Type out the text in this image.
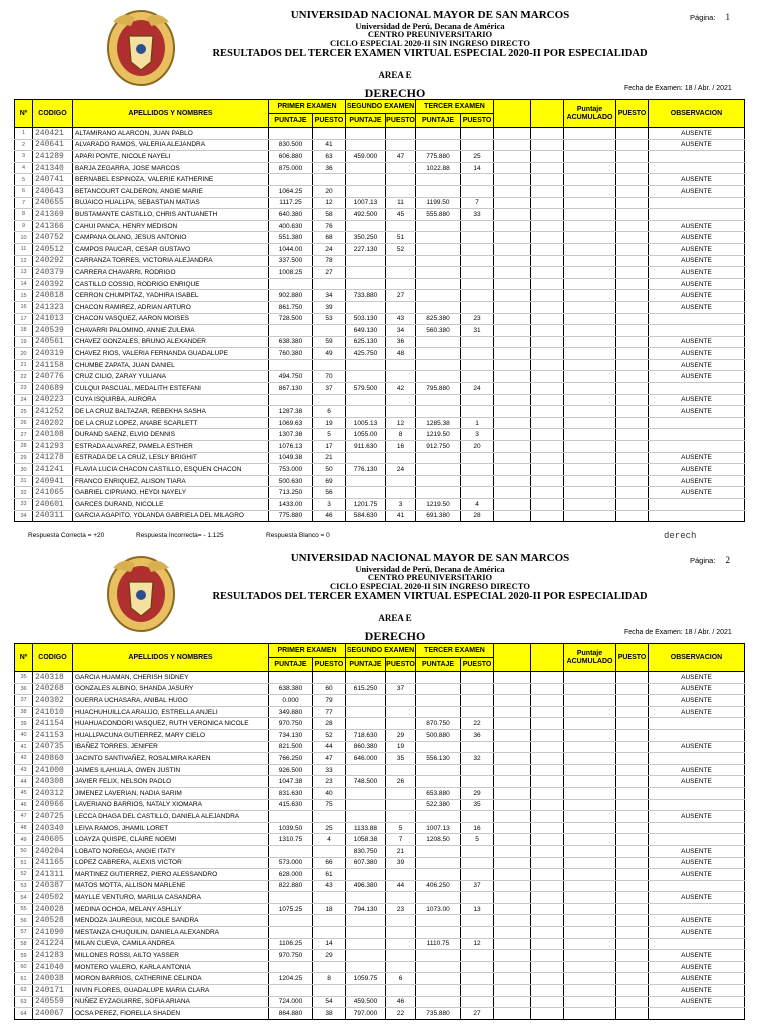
UNIVERSIDAD NACIONAL MAYOR DE SAN MARCOS
Universidad de Perú, Decana de América
CENTRO PREUNIVERSITARIO
CICLO ESPECIAL 2020-II SIN INGRESO DIRECTO
RESULTADOS DEL TERCER EXAMEN VIRTUAL ESPECIAL 2020-II POR ESPECIALIDAD
AREA E
DERECHO
Página: 1
Fecha de Examen: 18 / Abr. / 2021
Nº	CODIGO	APELLIDOS Y NOMBRES	PRIMER EXAMEN		SEGUNDO EXAMEN		TERCER EXAMEN				Puntaje ACUMULADO	PUESTO	OBSERVACION
			PUNTAJE	PUESTO	PUNTAJE	PUESTO	PUNTAJE	PUESTO					
1	240421	ALTAMIRANO ALARCON, JUAN PABLO											AUSENTE
2	240641	ALVARADO RAMOS, VALERIA ALEJANDRA	830.500	41									AUSENTE
3	241289	APARI PONTE, NICOLE NAYELI	606.880	63	459.000	47	775.880	25					
4	241340	BARJA ZEGARRA, JOSE MARCOS	875.000	36			1022.88	14					
5	240741	BERNABEL ESPINOZA, VALERIE KATHERINE											AUSENTE
6	240643	BETANCOURT CALDERON, ANGIE MARIE	1064.25	20									AUSENTE
7	240655	BUJAICO HUALLPA, SEBASTIAN MATIAS	1117.25	12	1007.13	11	1199.50	7					
8	241369	BUSTAMANTE CASTILLO, CHRIS ANTUANETH	640.380	58	492.500	45	555.880	33					
9	241366	CAHUI PANCA, HENRY MEDISON	400.630	76									AUSENTE
10	240752	CAMPANA OLANO, JESUS ANTONIO	551.380	68	350.250	51							AUSENTE
11	240512	CAMPOS PAUCAR, CESAR GUSTAVO	1044.00	24	227.130	52							AUSENTE
12	240292	CARRANZA TORRES, VICTORIA ALEJANDRA	337.500	78									AUSENTE
13	240379	CARRERA CHAVARRI, RODRIGO	1008.25	27									AUSENTE
14	240392	CASTILLO COSSIO, RODRIGO ENRIQUE											AUSENTE
15	240818	CERRON CHUMPITAZ, YADHIRA ISABEL	902.880	34	733.880	27							AUSENTE
16	241323	CHACON RAMIREZ, ADRIAN ARTURO	861.750	39									AUSENTE
17	241013	CHACON VASQUEZ, AARON MOISES	728.500	53	503.130	43	825.380	23					
18	240539	CHAVARRI PALOMINO, ANNIE ZULEMA			649.130	34	560.380	31					
19	240561	CHAVEZ GONZALES, BRUNO ALEXANDER	638.380	59	625.130	36							AUSENTE
20	240319	CHAVEZ RIOS, VALERIA FERNANDA GUADALUPE	760.380	49	425.750	48							AUSENTE
21	241158	CHUMBE ZAPATA, JUAN DANIEL											AUSENTE
22	240776	CRUZ CILIO, ZARAY YULIANA	494.750	70									AUSENTE
23	240689	CULQUI PASCUAL, MEDALITH ESTEFANI	867.130	37	579.500	42	795.880	24					
24	240223	CUYA ISQUIRBA, AURORA											AUSENTE
25	241252	DE LA CRUZ BALTAZAR, REBEKHA SASHA	1287.38	6									AUSENTE
26	240202	DE LA CRUZ LOPEZ, ANABE SCARLETT	1069.63	19	1005.13	12	1285.38	1					
27	240108	DURAND SAENZ, ELVIO DENNIS	1307.38	5	1055.00	8	1219.50	3					
28	241293	ESTRADA ALVAREZ, PAMELA ESTHER	1076.13	17	911.630	16	912.750	20					
29	241278	ESTRADA DE LA CRUZ, LESLY BRIGHIT	1049.38	21									AUSENTE
30	241241	FLAVIA LUCIA CHACON CASTILLO, ESQUEN CHACON	753.000	50	776.130	24							AUSENTE
31	240941	FRANCO ENRIQUEZ, ALISON TIARA	500.630	69									AUSENTE
32	241065	GABRIEL CIPRIANO, HEYDI NAYELY	713.250	56									AUSENTE
33	240601	GARCES DURAND, NICOLLE	1433.00	3	1201.75	3	1219.50	4					
34	240311	GARCIA AGAPITO, YOLANDA GABRIELA DEL MILAGRO	775.880	46	584.630	41	691.380	28					
Respuesta Correcta = +20	Respuesta Incorrecta= - 1.125	Respuesta Blanco = 0	derech
UNIVERSIDAD NACIONAL MAYOR DE SAN MARCOS
Universidad de Perú, Decana de América
CENTRO PREUNIVERSITARIO
CICLO ESPECIAL 2020-II SIN INGRESO DIRECTO
RESULTADOS DEL TERCER EXAMEN VIRTUAL ESPECIAL 2020-II POR ESPECIALIDAD
AREA E
DERECHO
Página: 2
Fecha de Examen: 18 / Abr. / 2021
Nº	CODIGO	APELLIDOS Y NOMBRES	PRIMER EXAMEN		SEGUNDO EXAMEN		TERCER EXAMEN				Puntaje ACUMULADO	PUESTO	OBSERVACION
			PUNTAJE	PUESTO	PUNTAJE	PUESTO	PUNTAJE	PUESTO					
35	240318	GARCIA HUAMAN, CHERISH SIDNEY											AUSENTE
36	240268	GONZALES ALBINO, SHANDA JASURY	638.380	60	615.250	37							AUSENTE
37	240302	GUERRA UCHASARA, ANIBAL HUGO	0.000	79									AUSENTE
38	241010	HUACHUHUILLCA ARAUJO, ESTRELLA ANJELI	349.880	77									AUSENTE
39	241154	HUAHUACONDORI VASQUEZ, RUTH VERONICA NICOLE	970.750	28			870.750	22					
40	241153	HUALLPACUNA GUTIERREZ, MARY CIELO	734.130	52	718.630	29	500.880	36					
41	240735	IBAÑEZ TORRES, JENIFER	821.500	44	860.380	19							AUSENTE
42	240860	JACINTO SANTIVAÑEZ, ROSALMIRA KAREN	766.250	47	646.000	35	556.130	32					
43	241000	JAIMES ILAHUALA, OWEN JUSTIN	926.500	33									AUSENTE
44	240308	JAVIER FELIX, NELSON PAOLO	1047.38	23	748.500	26							AUSENTE
45	240312	JIMENEZ LAVERIAN, NADIA SARIM	831.630	40			653.880	29					
46	240966	LAVERIANO BARRIOS, NATALY XIOMARA	415.630	75			522.380	35					
47	240725	LECCA DHAGA DEL CASTILLO, DANIELA ALEJANDRA											AUSENTE
48	240340	LEIVA RAMOS, JHAMIL LORET	1039.50	25	1133.88	5	1007.13	16					
49	240605	LOAYZA QUISPE, CLAIRE NOEMI	1310.75	4	1058.38	7	1208.50	5					
50	240204	LOBATO NORIEGA, ANGIE ITATY			830.750	21							AUSENTE
51	241165	LOPEZ CABRERA, ALEXIS VICTOR	573.000	66	607.380	39							AUSENTE
52	241311	MARTINEZ GUTIERREZ, PIERO ALESSANDRO	628.000	61									AUSENTE
53	240387	MATOS MOTTA, ALLISON MARLENE	822.880	43	496.380	44	406.250	37					
54	240502	MAYLLE VENTURO, MARILIA CASANDRA											AUSENTE
55	240028	MEDINA OCHOA, MELANY ASHLLY	1075.25	18	794.130	23	1073.00	13					
56	240528	MENDOZA JAUREGUI, NICOLE SANDRA											AUSENTE
57	241090	MESTANZA CHUQUILIN, DANIELA ALEXANDRA											AUSENTE
58	241224	MILAN CUEVA, CAMILA ANDREA	1106.25	14			1110.75	12					
59	241283	MILLONES ROSSI, AILTO YASSER	970.750	29									AUSENTE
60	241040	MONTERO VALERO, KARLA ANTONIA											AUSENTE
61	240038	MORON BARRIOS, CATHERINE CELINDA	1204.25	8	1059.75	6							AUSENTE
62	240171	NIVIN FLORES, GUADALUPE MARIA CLARA											AUSENTE
63	240559	NUÑEZ EYZAGUIRRE, SOFIA ARIANA	724.000	54	459.500	46							AUSENTE
64	240067	OCSA PEREZ, FIORELLA SHADEN	864.880	38	797.000	22	735.880	27					
